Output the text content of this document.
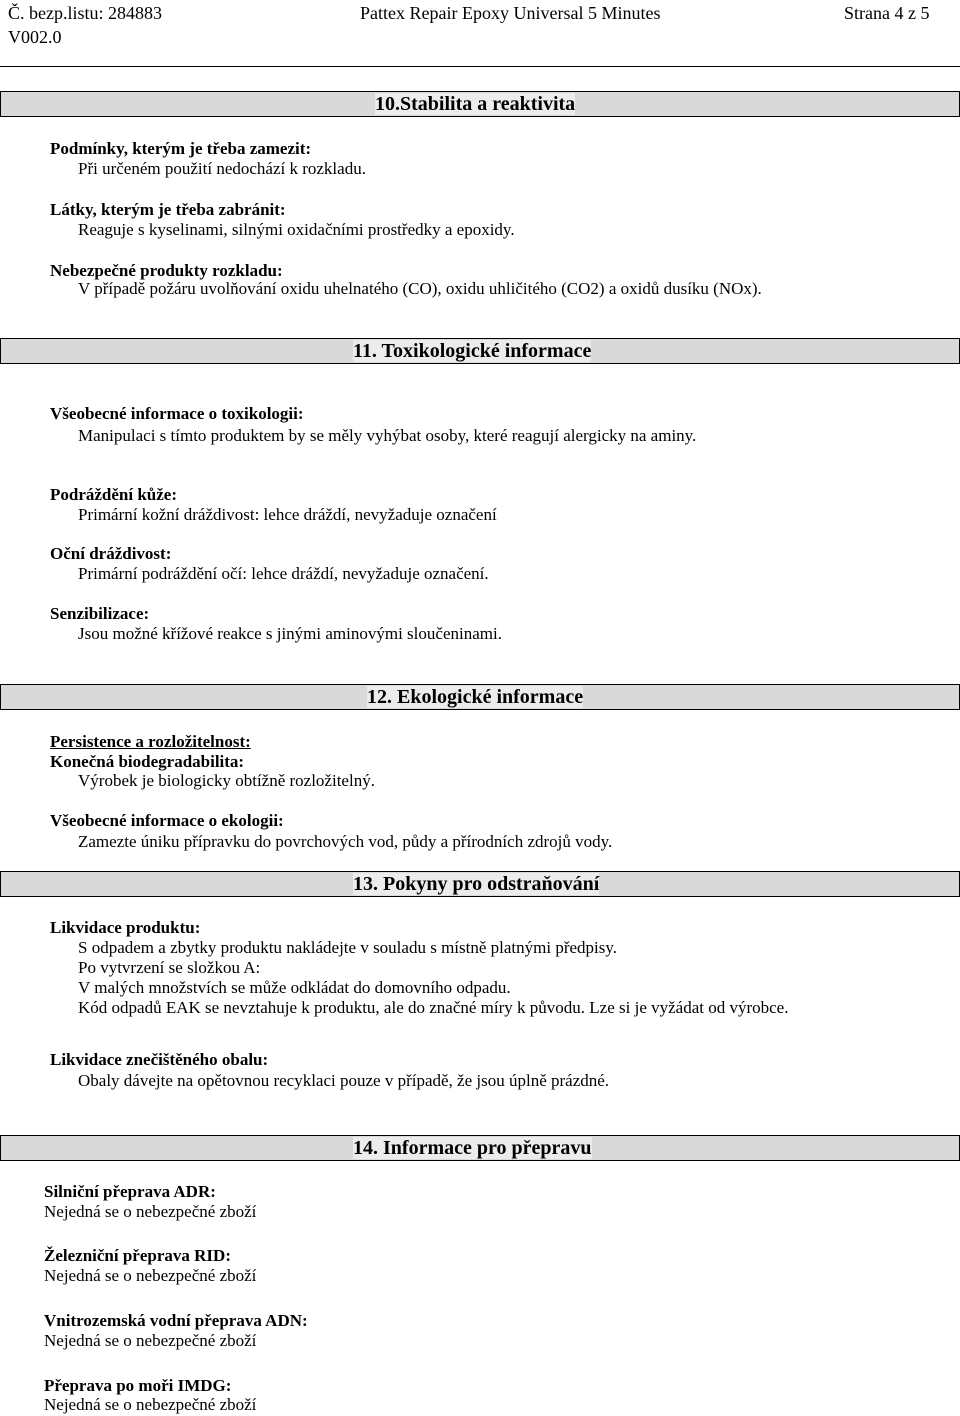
Č. bezp.listu: 284883
V002.0
Pattex Repair Epoxy Universal 5 Minutes	Strana 4 z 5
10.Stabilita a reaktivita
Podmínky, kterým je třeba zamezit:
Při určeném použití nedochází k rozkladu.
Látky, kterým je třeba zabránit:
Reaguje s kyselinami, silnými oxidačními prostředky a epoxidy.
Nebezpečné produkty rozkladu:
V případě požáru uvolňování oxidu uhelnatého (CO), oxidu uhličitého (CO2) a oxidů dusíku (NOx).
11. Toxikologické informace
Všeobecné informace o toxikologii:
Manipulaci s tímto produktem by se měly vyhýbat osoby, které reagují alergicky na aminy.
Podráždění kůže:
Primární kožní dráždivost: lehce dráždí, nevyžaduje označení
Oční dráždivost:
Primární podráždění očí: lehce dráždí, nevyžaduje označení.
Senzibilizace:
Jsou možné křížové reakce s jinými aminovými sloučeninami.
12. Ekologické informace
Persistence a rozložitelnost:
Konečná biodegradabilita:
Výrobek je biologicky obtížně rozložitelný.
Všeobecné informace o ekologii:
Zamezte úniku přípravku do povrchových vod, půdy a přírodních zdrojů vody.
13. Pokyny pro odstraňování
Likvidace produktu:
S odpadem a zbytky produktu nakládejte v souladu s místně platnými předpisy.
Po vytvrzení se složkou A:
V malých množstvích se může odkládat do domovního odpadu.
Kód odpadů EAK se nevztahuje k produktu, ale do značné míry k původu. Lze si je vyžádat od výrobce.
Likvidace znečištěného obalu:
Obaly dávejte na opětovnou recyklaci pouze v případě, že jsou úplně prázdné.
14. Informace pro přepravu
Silniční přeprava ADR:
Nejedná se o nebezpečné zboží
Železniční přeprava RID:
Nejedná se o nebezpečné zboží
Vnitrozemská vodní přeprava ADN:
Nejedná se o nebezpečné zboží
Přeprava po moři IMDG:
Nejedná se o nebezpečné zboží
